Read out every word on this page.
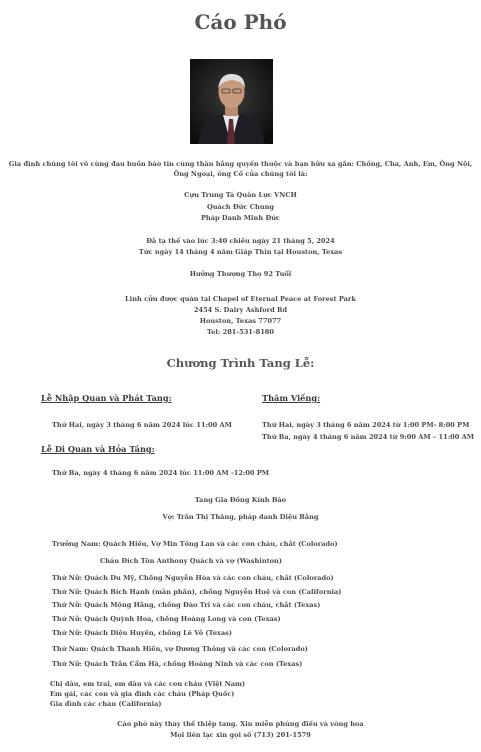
Cáo Phó
Gia đình chúng tôi vô cùng đau buồn báo tin cùng thân bằng quyến thuộc và bạn hữu xa gần: Chồng, Cha, Anh, Em, Ông Nội,
Ông Ngoại, ông Cố của chúng tôi là:
Cựu Trung Tá Quân Lực VNCH
Quách Đức Chung
Pháp Danh Minh Đức
Đã tạ thế vào lúc 3:40 chiều ngày 21 tháng 5, 2024
Tức ngày 14 tháng 4 năm Giáp Thìn tại Houston, Texas
Hưởng Thượng Thọ 92 Tuổi
Linh cửu được quàn tại Chapel of Eternal Peace at Forest Park
2454 S. Dairy Ashford Rd
Houston, Texas 77077
Tel: 281-531-8180
Chương Trình Tang Lễ:
Lễ Nhập Quan và Phát Tang:	Thăm Viếng:
Thứ Hai, ngày 3 tháng 6 năm 2024 lúc 11:00 AM	Thứ Hai, ngày 3 tháng 6 năm 2024 từ 1:00 PM- 8:00 PM
Thứ Ba, ngày 4 tháng 6 năm 2024 từ 9:00 AM – 11:00 AM
Lễ Di Quan và Hỏa Táng:
Thứ Ba, ngày 4 tháng 6 năm 2024 lúc 11:00 AM -12:00 PM
Tang Gia Đồng Kính Báo
Vợ: Trần Thị Thăng, pháp danh Diệu Bằng
Trưởng Nam: Quách Hiếu, Vợ Min Tống Lan và các con cháu, chắt (Colorado)
Cháu Đích Tôn Anthony Quách và vợ (Washinton)
Thứ Nữ: Quách Du Mỹ, Chồng Nguyễn Hòa và các con cháu, chắt (Colorado)
Thứ Nữ: Quách Bích Hạnh (mãn phần), chồng Nguyễn Huệ và con (California)
Thứ Nữ: Quách Mộng Hằng, chồng Đào Trí và các con cháu, chắt (Texas)
Thứ Nữ: Quách Quỳnh Hoa, chồng Hoàng Long và con (Texas)
Thứ Nữ: Quách Diệu Huyền, chồng Lê Võ (Texas)
Thứ Nam: Quách Thanh Hiền, vợ Dương Thông và các con (Colorado)
Thứ Nữ: Quách Trần Cẩm Hà, chồng Hoàng Ninh và các con (Texas)
Chị dâu, em trai, em dâu và các con cháu (Việt Nam)
Em gái, các con và gia đình các cháu (Pháp Quốc)
Gia đình các cháu (California)
Cáo phó này thay thế thiệp tang. Xin miễn phúng điếu và vòng hoa
Mọi liên lạc xin gọi số (713) 201-1579
